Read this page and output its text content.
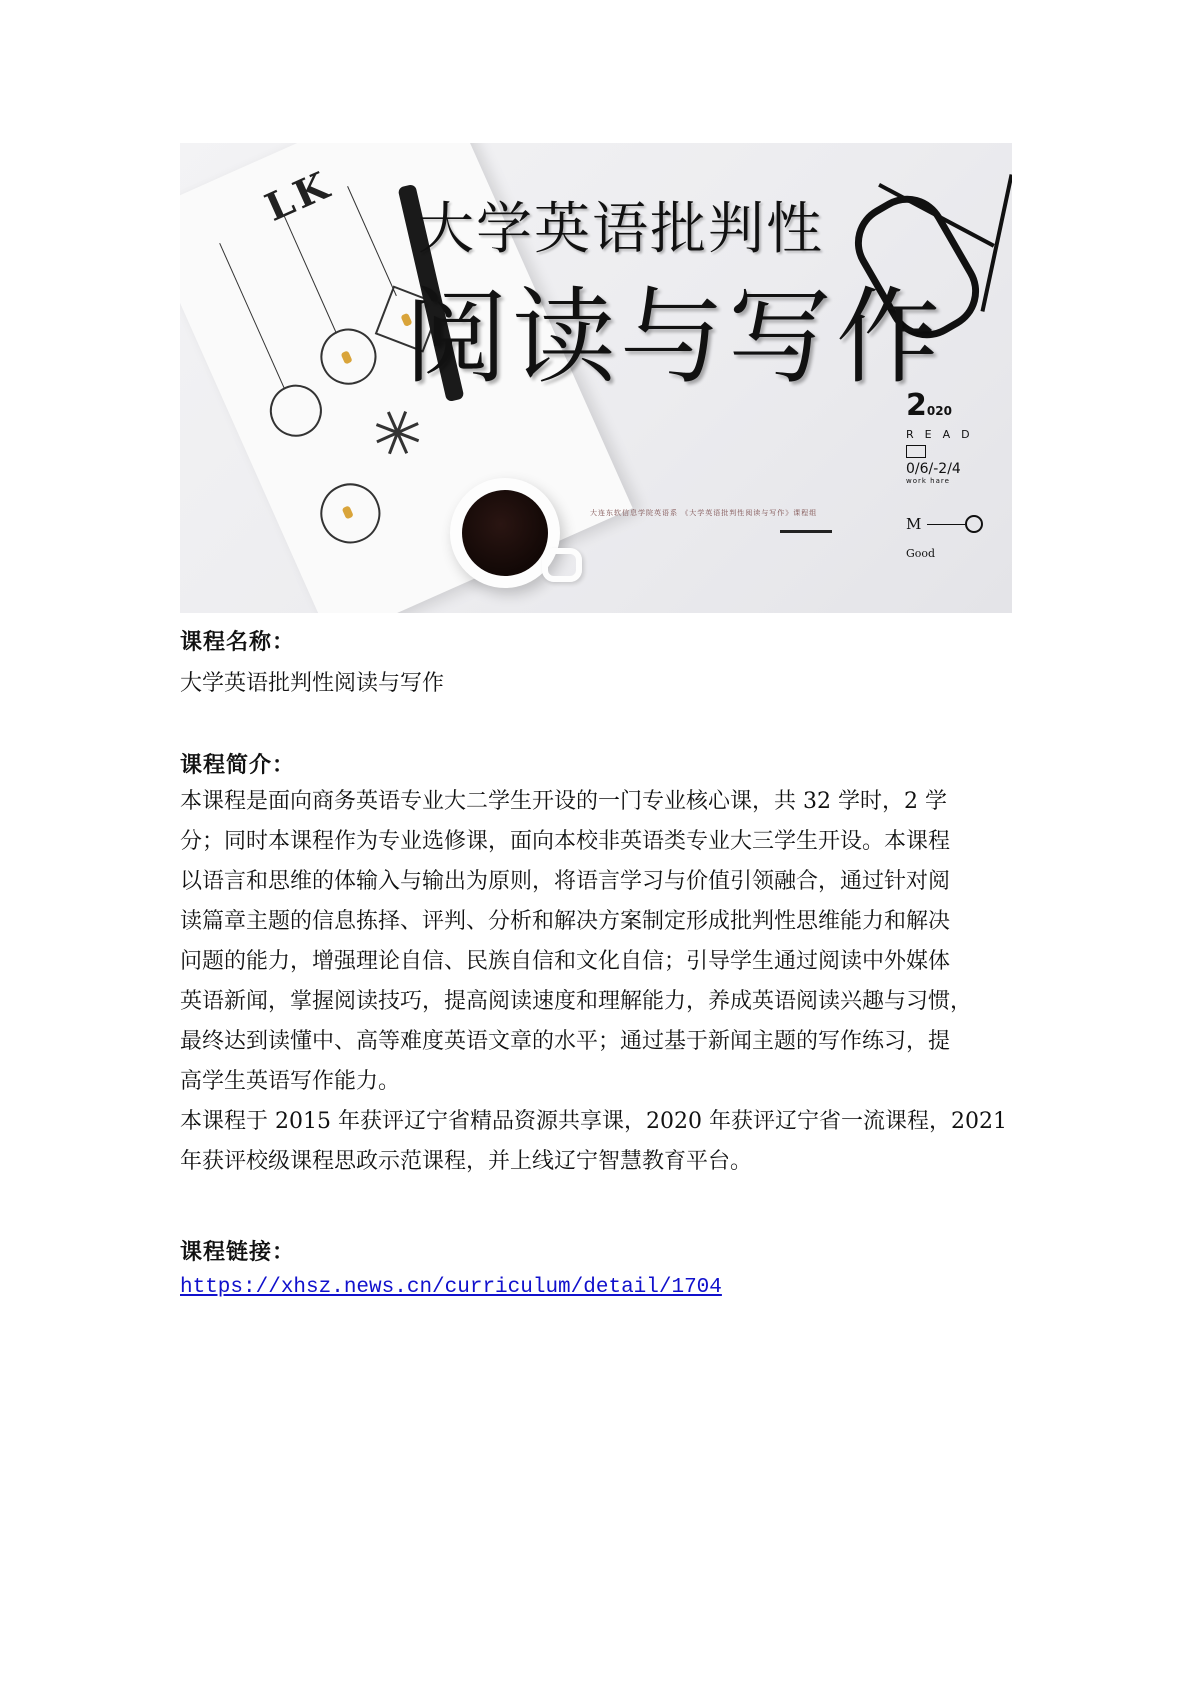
LK
✳
大学英语批判性
阅读与写作
大连东软信息学院英语系 《大学英语批判性阅读与写作》课程组
2020
READ
0/6/-2/4
work hare
M
Good
课程名称：
大学英语批判性阅读与写作
课程简介：
本课程是面向商务英语专业大二学生开设的一门专业核心课，共 32 学时，2 学
分；同时本课程作为专业选修课，面向本校非英语类专业大三学生开设。本课程
以语言和思维的体输入与输出为原则，将语言学习与价值引领融合，通过针对阅
读篇章主题的信息拣择、评判、分析和解决方案制定形成批判性思维能力和解决
问题的能力，增强理论自信、民族自信和文化自信；引导学生通过阅读中外媒体
英语新闻，掌握阅读技巧，提高阅读速度和理解能力，养成英语阅读兴趣与习惯，
最终达到读懂中、高等难度英语文章的水平；通过基于新闻主题的写作练习，提
高学生英语写作能力。
本课程于 2015 年获评辽宁省精品资源共享课，2020 年获评辽宁省一流课程，2021
年获评校级课程思政示范课程，并上线辽宁智慧教育平台。
课程链接：
https://xhsz.news.cn/curriculum/detail/1704
